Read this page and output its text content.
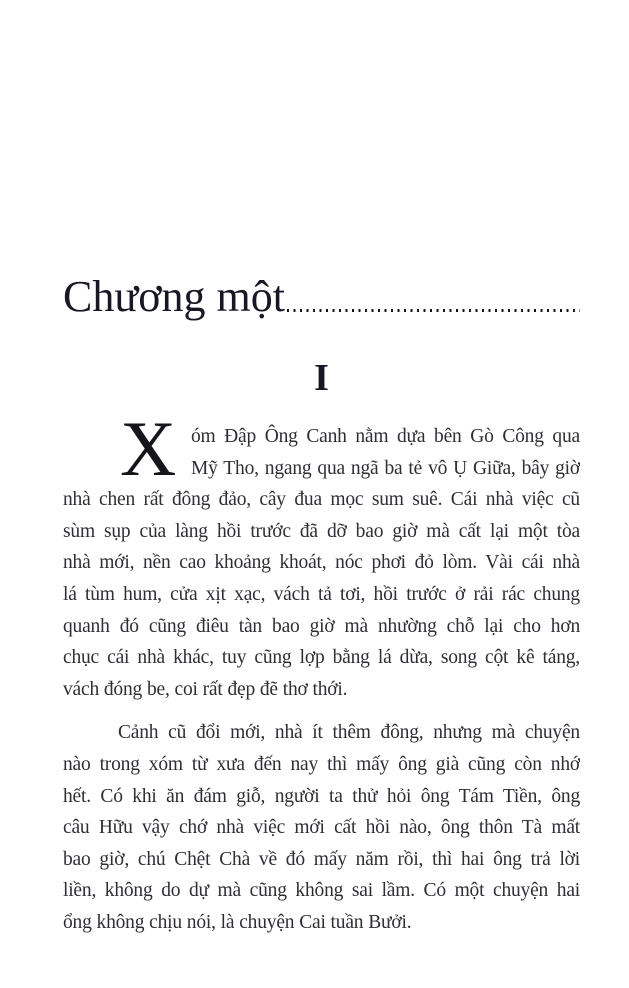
Chương một
I
X óm Đập Ông Canh nằm dựa bên Gò Công qua
Mỹ Tho, ngang qua ngã ba tẻ vô Ụ Giữa, bây giờ
nhà chen rất đông đảo, cây đua mọc sum suê. Cái nhà việc cũ
sùm sụp của làng hồi trước đã dỡ bao giờ mà cất lại một tòa
nhà mới, nền cao khoảng khoát, nóc phơi đỏ lòm. Vài cái nhà
lá tùm hum, cửa xịt xạc, vách tả tơi, hồi trước ở rải rác chung
quanh đó cũng điêu tàn bao giờ mà nhường chỗ lại cho hơn
chục cái nhà khác, tuy cũng lợp bằng lá dừa, song cột kê táng,
vách đóng be, coi rất đẹp đẽ thơ thới.
Cảnh cũ đổi mới, nhà ít thêm đông, nhưng mà chuyện
nào trong xóm từ xưa đến nay thì mấy ông già cũng còn nhớ
hết. Có khi ăn đám giỗ, người ta thử hỏi ông Tám Tiền, ông
câu Hữu vậy chớ nhà việc mới cất hồi nào, ông thôn Tà mất
bao giờ, chú Chệt Chà về đó mấy năm rồi, thì hai ông trả lời
liền, không do dự mà cũng không sai lầm. Có một chuyện hai
ổng không chịu nói, là chuyện Cai tuần Bưởi.
